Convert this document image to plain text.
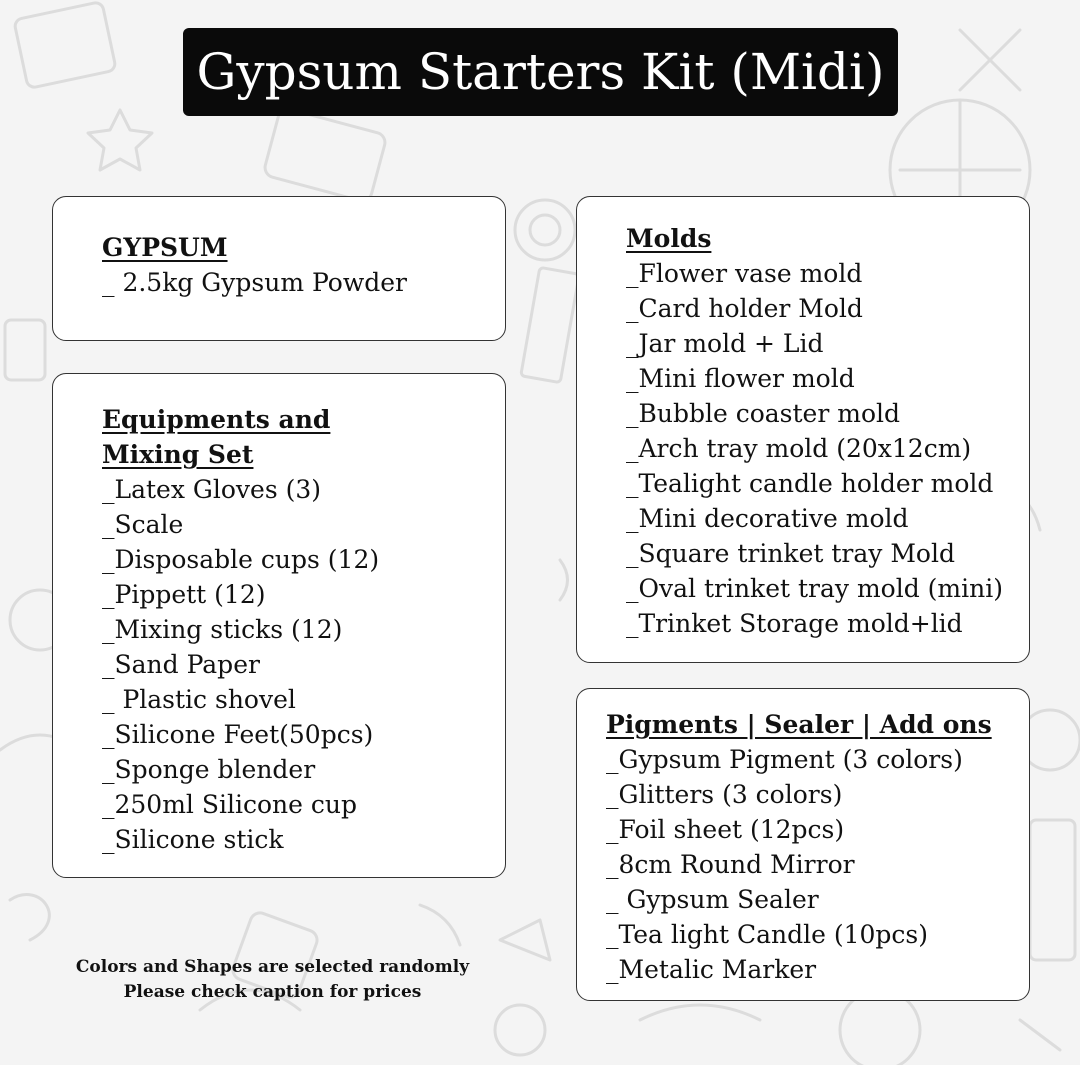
Gypsum Starters Kit (Midi)
GYPSUM
_ 2.5kg Gypsum Powder
Equipments and
Mixing Set
_Latex Gloves (3)
_Scale
_Disposable cups (12)
_Pippett (12)
_Mixing sticks (12)
_Sand Paper
_ Plastic shovel
_Silicone Feet(50pcs)
_Sponge blender
_250ml Silicone cup
_Silicone stick
Molds
_Flower vase mold
_Card holder Mold
_Jar mold + Lid
_Mini flower mold
_Bubble coaster mold
_Arch tray mold (20x12cm)
_Tealight candle holder mold
_Mini decorative mold
_Square trinket tray Mold
_Oval trinket tray mold (mini)
_Trinket Storage mold+lid
Pigments | Sealer | Add ons
_Gypsum Pigment (3 colors)
_Glitters (3 colors)
_Foil sheet (12pcs)
_8cm Round Mirror
_ Gypsum Sealer
_Tea light Candle (10pcs)
_Metalic Marker
Colors and Shapes are selected randomly
Please check caption for prices
